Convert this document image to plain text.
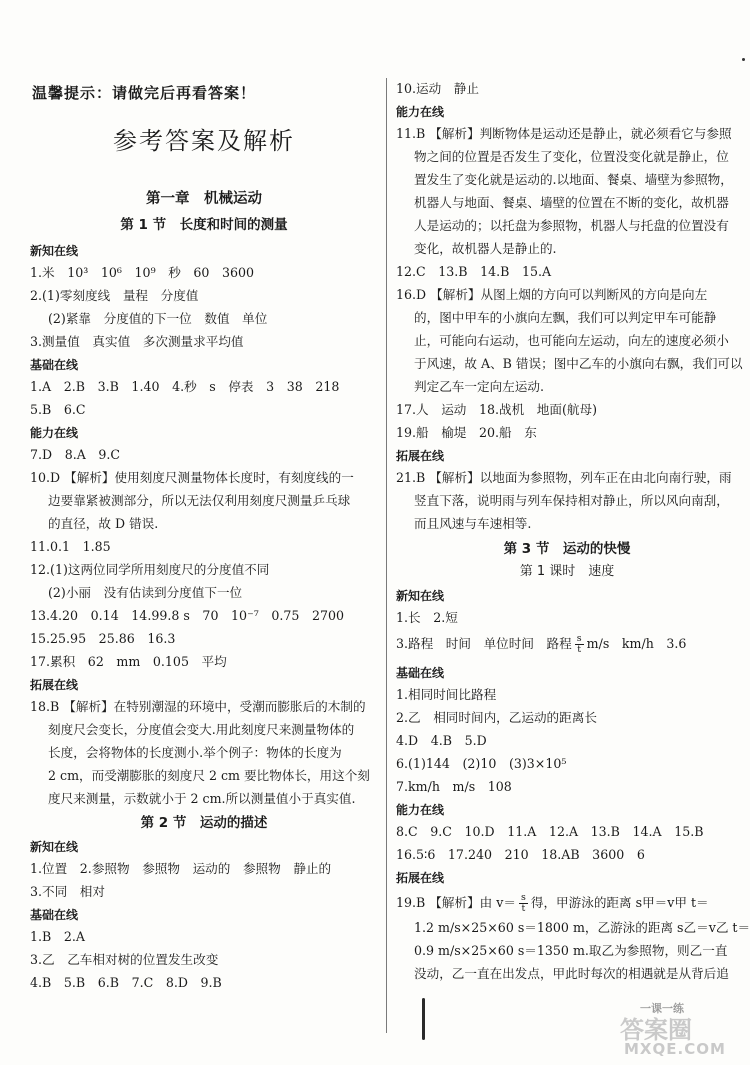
温馨提示：请做完后再看答案！
参考答案及解析
第一章　机械运动
第 1 节　长度和时间的测量
新知在线
1.米　10³　10⁶　10⁹　秒　60　3600
2.(1)零刻度线　量程　分度值
(2)紧靠　分度值的下一位　数值　单位
3.测量值　真实值　多次测量求平均值
基础在线
1.A　2.B　3.B　1.40　4.秒　s　停表　3　38　218
5.B　6.C
能力在线
7.D　8.A　9.C
10.D 【解析】使用刻度尺测量物体长度时，有刻度线的一
边要靠紧被测部分，所以无法仅利用刻度尺测量乒乓球
的直径，故 D 错误.
11.0.1　1.85
12.(1)这两位同学所用刻度尺的分度值不同
(2)小丽　没有估读到分度值下一位
13.4.20　0.14　14.99.8 s　70　10⁻⁷　0.75　2700
15.25.95　25.86　16.3
17.累积　62　mm　0.105　平均
拓展在线
18.B 【解析】在特别潮湿的环境中，受潮而膨胀后的木制的
刻度尺会变长，分度值会变大.用此刻度尺来测量物体的
长度，会将物体的长度测小.举个例子：物体的长度为
2 cm，而受潮膨胀的刻度尺 2 cm 要比物体长，用这个刻
度尺来测量，示数就小于 2 cm.所以测量值小于真实值.
第 2 节　运动的描述
新知在线
1.位置　2.参照物　参照物　运动的　参照物　静止的
3.不同　相对
基础在线
1.B　2.A
3.乙　乙车相对树的位置发生改变
4.B　5.B　6.B　7.C　8.D　9.B
10.运动　静止
能力在线
11.B 【解析】判断物体是运动还是静止，就必须看它与参照
物之间的位置是否发生了变化，位置没变化就是静止，位
置发生了变化就是运动的.以地面、餐桌、墙壁为参照物，
机器人与地面、餐桌、墙壁的位置在不断的变化，故机器
人是运动的；以托盘为参照物，机器人与托盘的位置没有
变化，故机器人是静止的.
12.C　13.B　14.B　15.A
16.D 【解析】从图上烟的方向可以判断风的方向是向左
的，图中甲车的小旗向左飘，我们可以判定甲车可能静
止，可能向右运动，也可能向左运动，向左的速度必须小
于风速，故 A、B 错误；图中乙车的小旗向右飘，我们可以
判定乙车一定向左运动.
17.人　运动　18.战机　地面(航母)
19.船　榆堤　20.船　东
拓展在线
21.B 【解析】以地面为参照物，列车正在由北向南行驶，雨
竖直下落，说明雨与列车保持相对静止，所以风向南刮，
而且风速与车速相等.
第 3 节　运动的快慢
第 1 课时　速度
新知在线
1.长　2.短
3.路程　时间　单位时间　路程 $\frac{s}{t} m/s$　km/h　3.6
基础在线
1.相同时间比路程
2.乙　相同时间内，乙运动的距离长
4.D　4.B　5.D
6.(1)144　(2)10　(3)3×10⁵
7.km/h　m/s　108
能力在线
8.C　9.C　10.D　11.A　12.A　13.B　14.A　15.B
16.5∶6　17.240　210　18.AB　3600　6
拓展在线
19.B 【解析】由 $v= \frac{s}{t}$ 得，甲游泳的距离 s甲＝v甲 t＝
1.2 m/s×25×60 s＝1800 m，乙游泳的距离 s乙＝v乙 t＝
0.9 m/s×25×60 s＝1350 m.取乙为参照物，则乙一直
没动，乙一直在出发点，甲此时每次的相遇就是从背后追
一课一练
答案圈
MXQE.COM
